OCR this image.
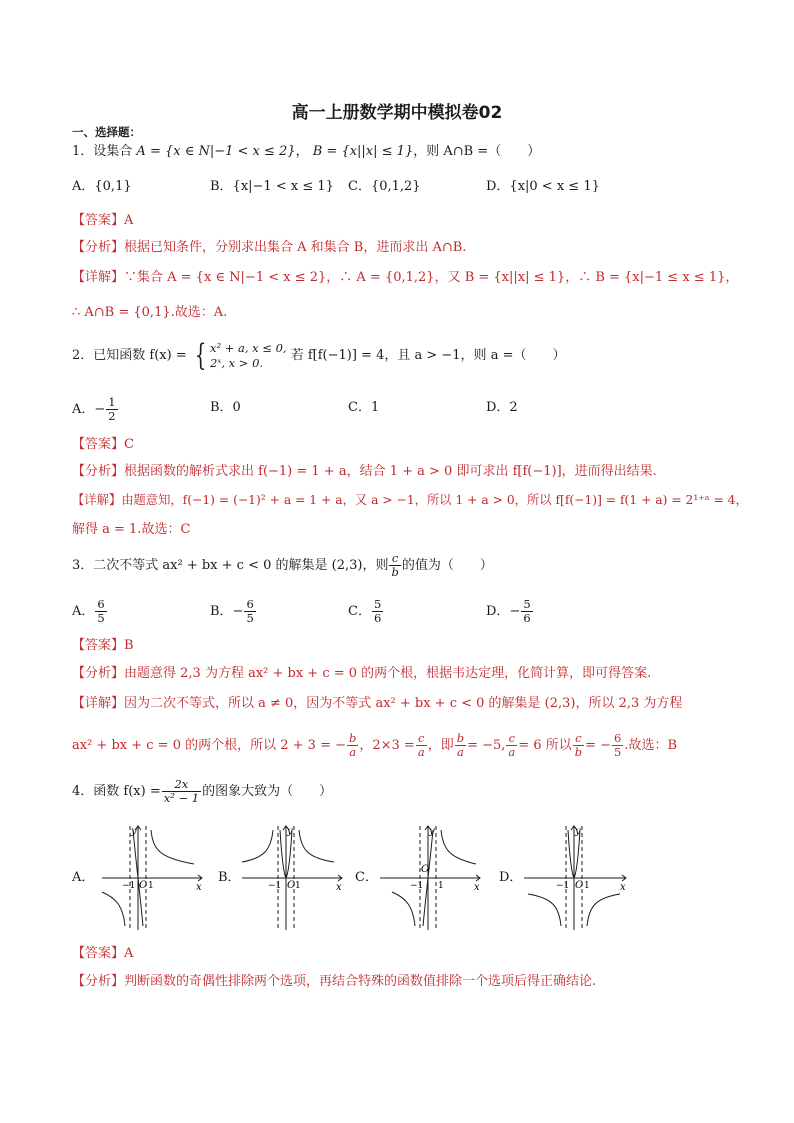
高一上册数学期中模拟卷02
一、选择题：
1．设集合 A = {x ∈ N|−1 < x ≤ 2}， B = {x||x| ≤ 1}，则 A∩B =（　　）
A．{0,1}	B．{x|−1 < x ≤ 1} C．{0,1,2}	D．{x|0 < x ≤ 1}
【答案】A
【分析】根据已知条件，分别求出集合 A 和集合 B，进而求出 A∩B.
【详解】∵集合 A = {x ∈ N|−1 < x ≤ 2}，∴ A = {0,1,2}，又 B = {x||x| ≤ 1}，∴ B = {x|−1 ≤ x ≤ 1}，
∴ A∩B = {0,1}.故选：A.
2．已知函数 f(x) = { x² + a, x ≤ 0,
2ˣ, x > 0.	若 f[f(−1)] = 4，且 a > −1，则 a =（　　）
A．− $\frac{1}{2}$	B．0	C．1	D．2
【答案】C
【分析】根据函数的解析式求出 f(−1) = 1 + a，结合 1 + a > 0 即可求出 f[f(−1)]，进而得出结果.
【详解】由题意知，f(−1) = (−1)² + a = 1 + a，又 a > −1，所以 1 + a > 0，所以 f[f(−1)] = f(1 + a) = 2¹⁺ᵃ = 4，
解得 a = 1.故选：C
3．二次不等式 ax² + bx + c < 0 的解集是 (2,3)，则 $\frac{c}{b}$ 的值为（　　）
A． $\frac{6}{5}$	B．− $\frac{6}{5}$	C． $\frac{5}{6}$	D．− $\frac{5}{6}$
【答案】B
【分析】由题意得 2,3 为方程 ax² + bx + c = 0 的两个根，根据韦达定理，化简计算，即可得答案.
【详解】因为二次不等式，所以 a ≠ 0，因为不等式 ax² + bx + c < 0 的解集是 (2,3)，所以 2,3 为方程
ax² + bx + c = 0 的两个根，所以 2 + 3 = − $\frac{b}{a}$ ，$2\times 3 = \frac{c}{a}$ ，即 $\frac{b}{a} = -5$, $\frac{c}{a} = 6$ 所以 $\frac{c}{b}$ = − $\frac{6}{5}$ .故选：B
4．函数 $f(x) = \frac{2x}{\text{x² − 1}}$ 的图象大致为（　　）
A．	B．	C．	D．
y
x
O
−1 1
y
x
O
−1 1
y
x
O
−1 1
y
x
O
−1 1
【答案】A
【分析】判断函数的奇偶性排除两个选项，再结合特殊的函数值排除一个选项后得正确结论.
